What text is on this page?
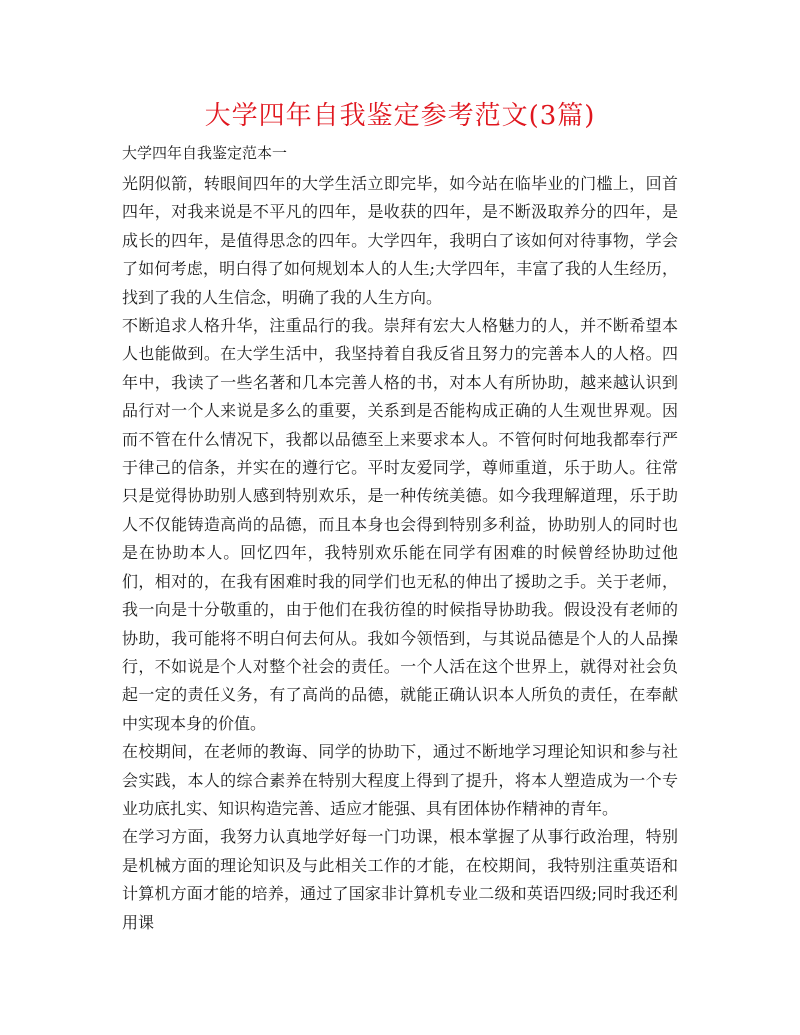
大学四年自我鉴定参考范文(3篇)

大学四年自我鉴定范本一

光阴似箭，转眼间四年的大学生活立即完毕，如今站在临毕业的门槛上，回首四年，对我来说是不平凡的四年，是收获的四年，是不断汲取养分的四年，是成长的四年，是值得思念的四年。大学四年，我明白了该如何对待事物，学会了如何考虑，明白得了如何规划本人的人生;大学四年，丰富了我的人生经历，找到了我的人生信念，明确了我的人生方向。

不断追求人格升华，注重品行的我。崇拜有宏大人格魅力的人，并不断希望本人也能做到。在大学生活中，我坚持着自我反省且努力的完善本人的人格。四年中，我读了一些名著和几本完善人格的书，对本人有所协助，越来越认识到品行对一个人来说是多么的重要，关系到是否能构成正确的人生观世界观。因而不管在什么情况下，我都以品德至上来要求本人。不管何时何地我都奉行严于律己的信条，并实在的遵行它。平时友爱同学，尊师重道，乐于助人。往常只是觉得协助别人感到特别欢乐，是一种传统美德。如今我理解道理，乐于助人不仅能铸造高尚的品德，而且本身也会得到特别多利益，协助别人的同时也是在协助本人。回忆四年，我特别欢乐能在同学有困难的时候曾经协助过他们，相对的，在我有困难时我的同学们也无私的伸出了援助之手。关于老师，我一向是十分敬重的，由于他们在我彷徨的时候指导协助我。假设没有老师的协助，我可能将不明白何去何从。我如今领悟到，与其说品德是个人的人品操行，不如说是个人对整个社会的责任。一个人活在这个世界上，就得对社会负起一定的责任义务，有了高尚的品德，就能正确认识本人所负的责任，在奉献中实现本身的价值。

在校期间，在老师的教诲、同学的协助下，通过不断地学习理论知识和参与社会实践，本人的综合素养在特别大程度上得到了提升，将本人塑造成为一个专业功底扎实、知识构造完善、适应才能强、具有团体协作精神的青年。

在学习方面，我努力认真地学好每一门功课，根本掌握了从事行政治理，特别是机械方面的理论知识及与此相关工作的才能，在校期间，我特别注重英语和计算机方面才能的培养，通过了国家非计算机专业二级和英语四级;同时我还利用课
